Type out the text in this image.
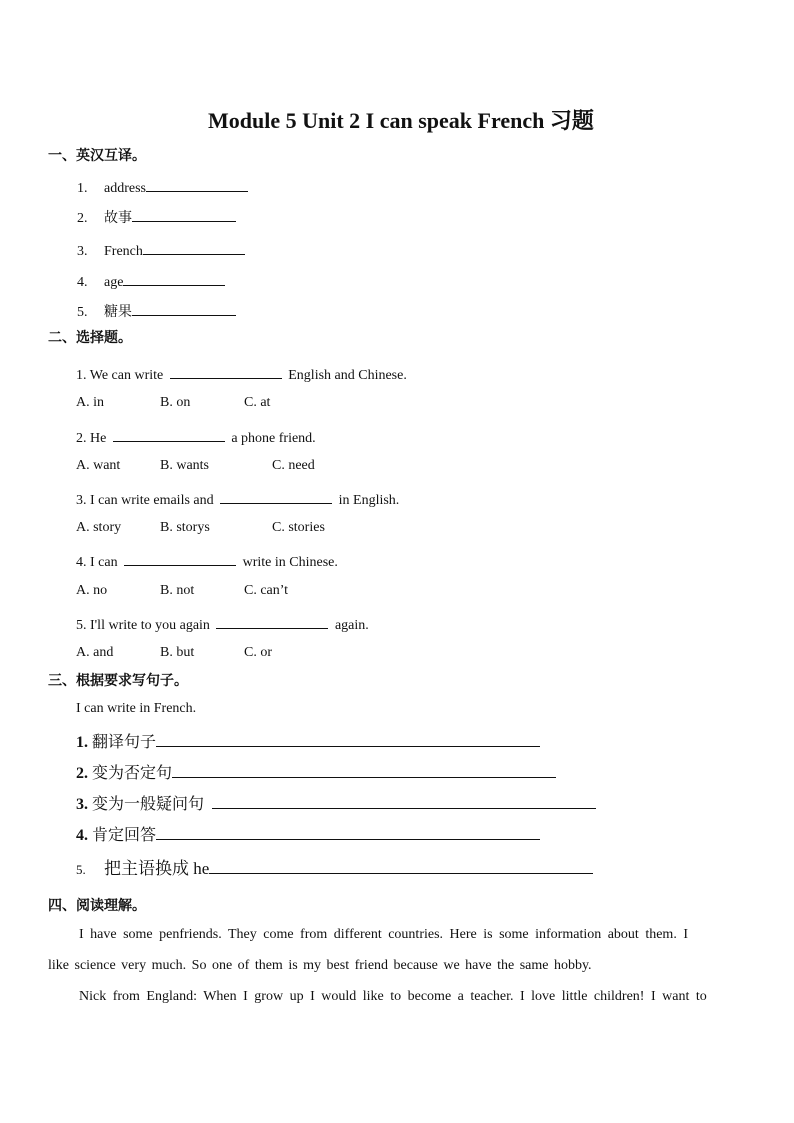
Module 5 Unit 2 I can speak French 习题
一、英汉互译。
1. address
2. 故事
3. French
4. age
5. 糖果
二、选择题。
1. We can write	English and Chinese.
A. in	B. on	C. at
2. He	a phone friend.
A. want	B. wants	C. need
3. I can write emails and	in English.
A. story	B. storys	C. stories
4. I can	write in Chinese.
A. no	B. not	C. can’t
5. I'll write to you again	again.
A. and	B. but	C. or
三、根据要求写句子。
I can write in French.
1. 翻译句子
2. 变为否定句
3. 变为一般疑问句
4. 肯定回答
5. 把主语换成 he
四、阅读理解。
I have some penfriends. They come from different countries. Here is some information about them. I
like science very much. So one of them is my best friend because we have the same hobby.
Nick from England: When I grow up I would like to become a teacher. I love little children! I want to
